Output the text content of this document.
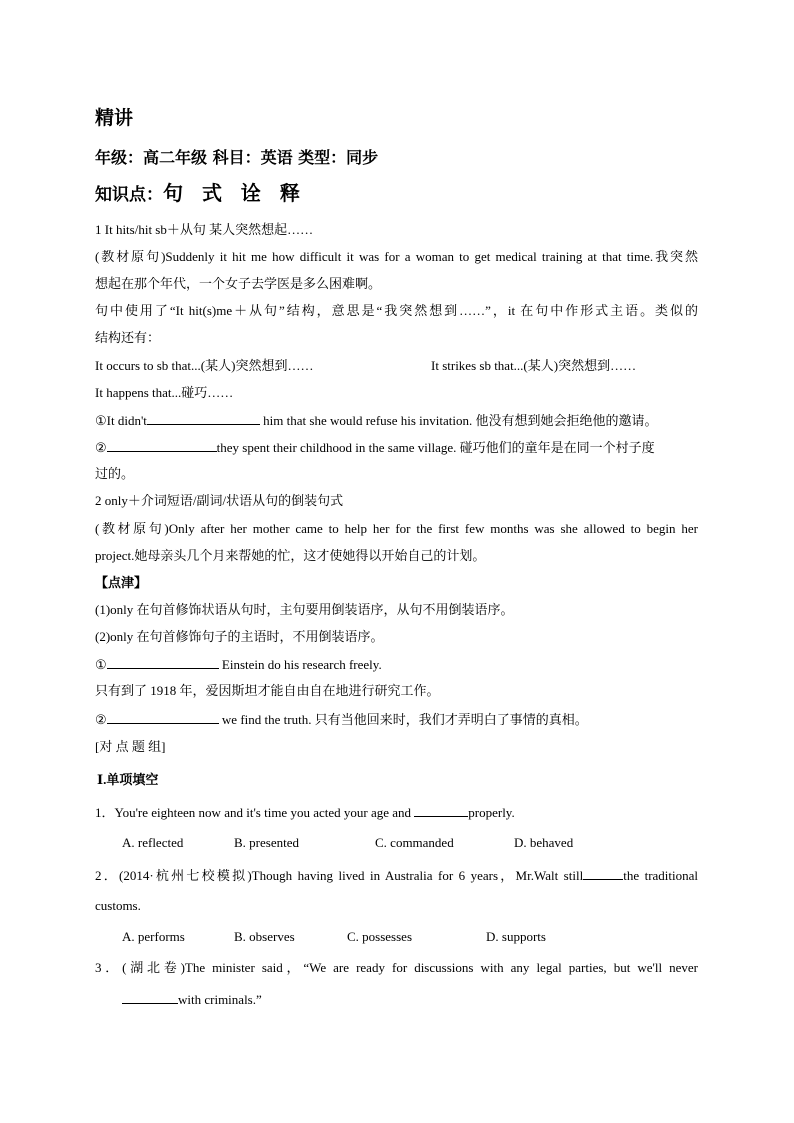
精讲
年级：高二年级 科目：英语 类型：同步
知识点：句 式 诠 释
1 It hits/hit sb＋从句 某人突然想起……
(教材原句)Suddenly it hit me how difficult it was for a woman to get medical training at that time.我突然
想起在那个年代，一个女子去学医是多么困难啊。
句中使用了“It hit(s)me＋从句”结构，意思是“我突然想到……”，it 在句中作形式主语。类似的
结构还有：
It occurs to sb that...(某人)突然想到……	It strikes sb that...(某人)突然想到……
It happens that...碰巧……
①It didn't	him that she would refuse his invitation. 他没有想到她会拒绝他的邀请。
②	they spent their childhood in the same village. 碰巧他们的童年是在同一个村子度
过的。
2 only＋介词短语/副词/状语从句的倒装句式
(教材原句)Only after her mother came to help her for the first few months was she allowed to begin her
project.她母亲头几个月来帮她的忙，这才使她得以开始自己的计划。
【点津】
(1)only 在句首修饰状语从句时，主句要用倒装语序，从句不用倒装语序。
(2)only 在句首修饰句子的主语时，不用倒装语序。
①	Einstein do his research freely.
只有到了 1918 年，爱因斯坦才能自由自在地进行研究工作。
②	we find the truth. 只有当他回来时，我们才弄明白了事情的真相。
[对 点 题 组]
Ⅰ.单项填空
1．You're eighteen now and it's time you acted your age and	properly.
A. reflected	B. presented	C. commanded	D. behaved
2．(2014·杭州七校模拟)Though having lived in Australia for 6 years，Mr.Walt still	the traditional
customs.
A. performs	B. observes	C. possesses	D. supports
3．(湖北卷)The minister said，“We are ready for discussions with any legal parties, but we'll never
with criminals.”
